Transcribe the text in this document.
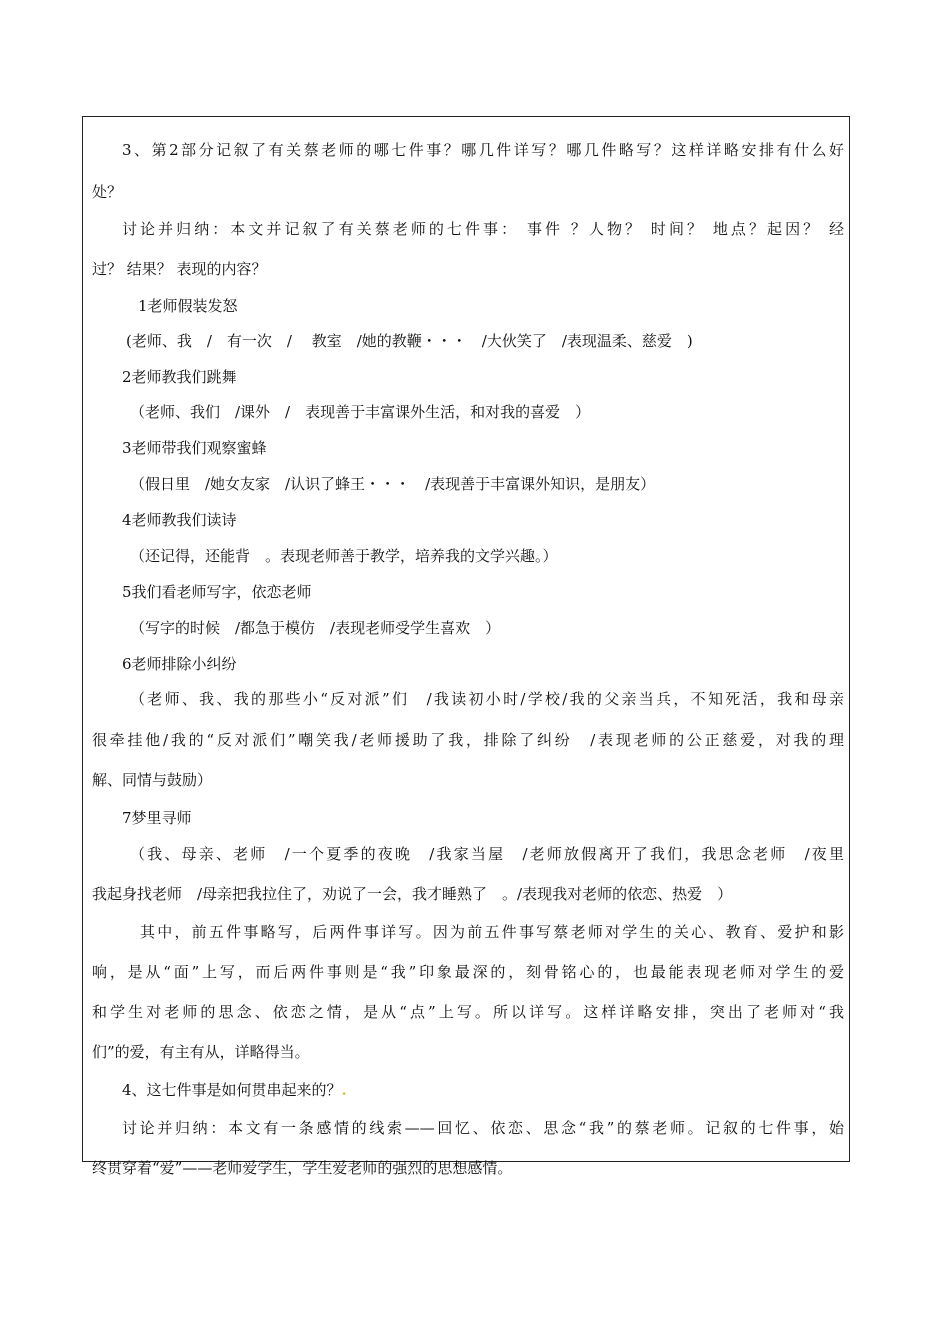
3、第2部分记叙了有关蔡老师的哪七件事？哪几件详写？哪几件略写？这样详略安排有什么好
处？
讨论并归纳：本文并记叙了有关蔡老师的七件事： 事件 ？人物？ 时间？ 地点？起因？ 经
过？ 结果？ 表现的内容？
1老师假装发怒
(老师、我　/　有一次　/　 教室　/她的教鞭・・・　/大伙笑了　/表现温柔、慈爱　)
2老师教我们跳舞
（老师、我们　/课外　/　表现善于丰富课外生活，和对我的喜爱　）
3老师带我们观察蜜蜂
（假日里　/她女友家　/认识了蜂王・・・　/表现善于丰富课外知识，是朋友）
4老师教我们读诗
（还记得，还能背　。表现老师善于教学，培养我的文学兴趣。）
5我们看老师写字，依恋老师
（写字的时候　/都急于模仿　/表现老师受学生喜欢　）
6老师排除小纠纷
（老师、我、我的那些小“反对派”们　/我读初小时/学校/我的父亲当兵，不知死活，我和母亲
很牵挂他/我的“反对派们”嘲笑我/老师援助了我，排除了纠纷　/表现老师的公正慈爱，对我的理
解、同情与鼓励）
7梦里寻师
（我、母亲、老师　/一个夏季的夜晚　/我家当屋　/老师放假离开了我们，我思念老师　/夜里
我起身找老师　/母亲把我拉住了，劝说了一会，我才睡熟了　。/表现我对老师的依恋、热爱　）
其中，前五件事略写，后两件事详写。因为前五件事写蔡老师对学生的关心、教育、爱护和影
响，是从“面”上写，而后两件事则是“我”印象最深的，刻骨铭心的，也最能表现老师对学生的爱
和学生对老师的思念、依恋之情，是从“点”上写。所以详写。这样详略安排，突出了老师对“我
们”的爱，有主有从，详略得当。
4、这七件事是如何贯串起来的？.
讨论并归纳：本文有一条感情的线索——回忆、依恋、思念“我”的蔡老师。记叙的七件事，始
终贯穿着“爱”——老师爱学生，学生爱老师的强烈的思想感情。
